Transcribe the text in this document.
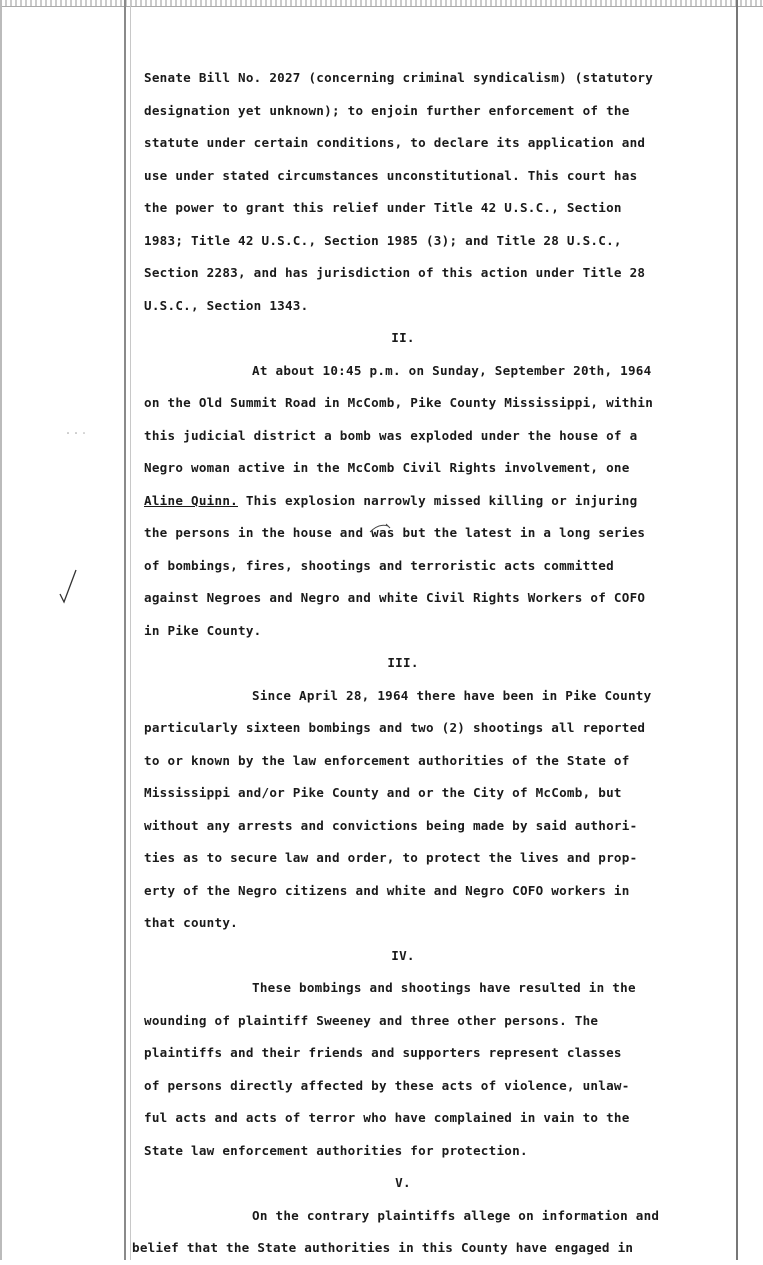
Senate Bill No. 2027 (concerning criminal syndicalism) (statutory
designation yet unknown); to enjoin further enforcement of the
statute under certain conditions, to declare its application and
use under stated circumstances unconstitutional. This court has
the power to grant this relief under Title 42 U.S.C., Section
1983; Title 42 U.S.C., Section 1985 (3); and Title 28 U.S.C.,
Section 2283, and has jurisdiction of this action under Title 28
U.S.C., Section 1343.
II.
At about 10:45 p.m. on Sunday, September 20th, 1964
on the Old Summit Road in McComb, Pike County Mississippi, within
this judicial district a bomb was exploded under the house of a
Negro woman active in the McComb Civil Rights involvement, one
Aline Quinn. This explosion narrowly missed killing or injuring
the persons in the house and was but the latest in a long series
of bombings, fires, shootings and terroristic acts committed
against Negroes and Negro and white Civil Rights Workers of COFO
in Pike County.
III.
Since April 28, 1964 there have been in Pike County
particularly sixteen bombings and two (2) shootings all reported
to or known by the law enforcement authorities of the State of
Mississippi and/or Pike County and or the City of McComb, but
without any arrests and convictions being made by said authori-
ties as to secure law and order, to protect the lives and prop-
erty of the Negro citizens and white and Negro COFO workers in
that county.
IV.
These bombings and shootings have resulted in the
wounding of plaintiff Sweeney and three other persons. The
plaintiffs and their friends and supporters represent classes
of persons directly affected by these acts of violence, unlaw-
ful acts and acts of terror who have complained in vain to the
State law enforcement authorities for protection.
V.
On the contrary plaintiffs allege on information and
belief that the State authorities in this County have engaged in
